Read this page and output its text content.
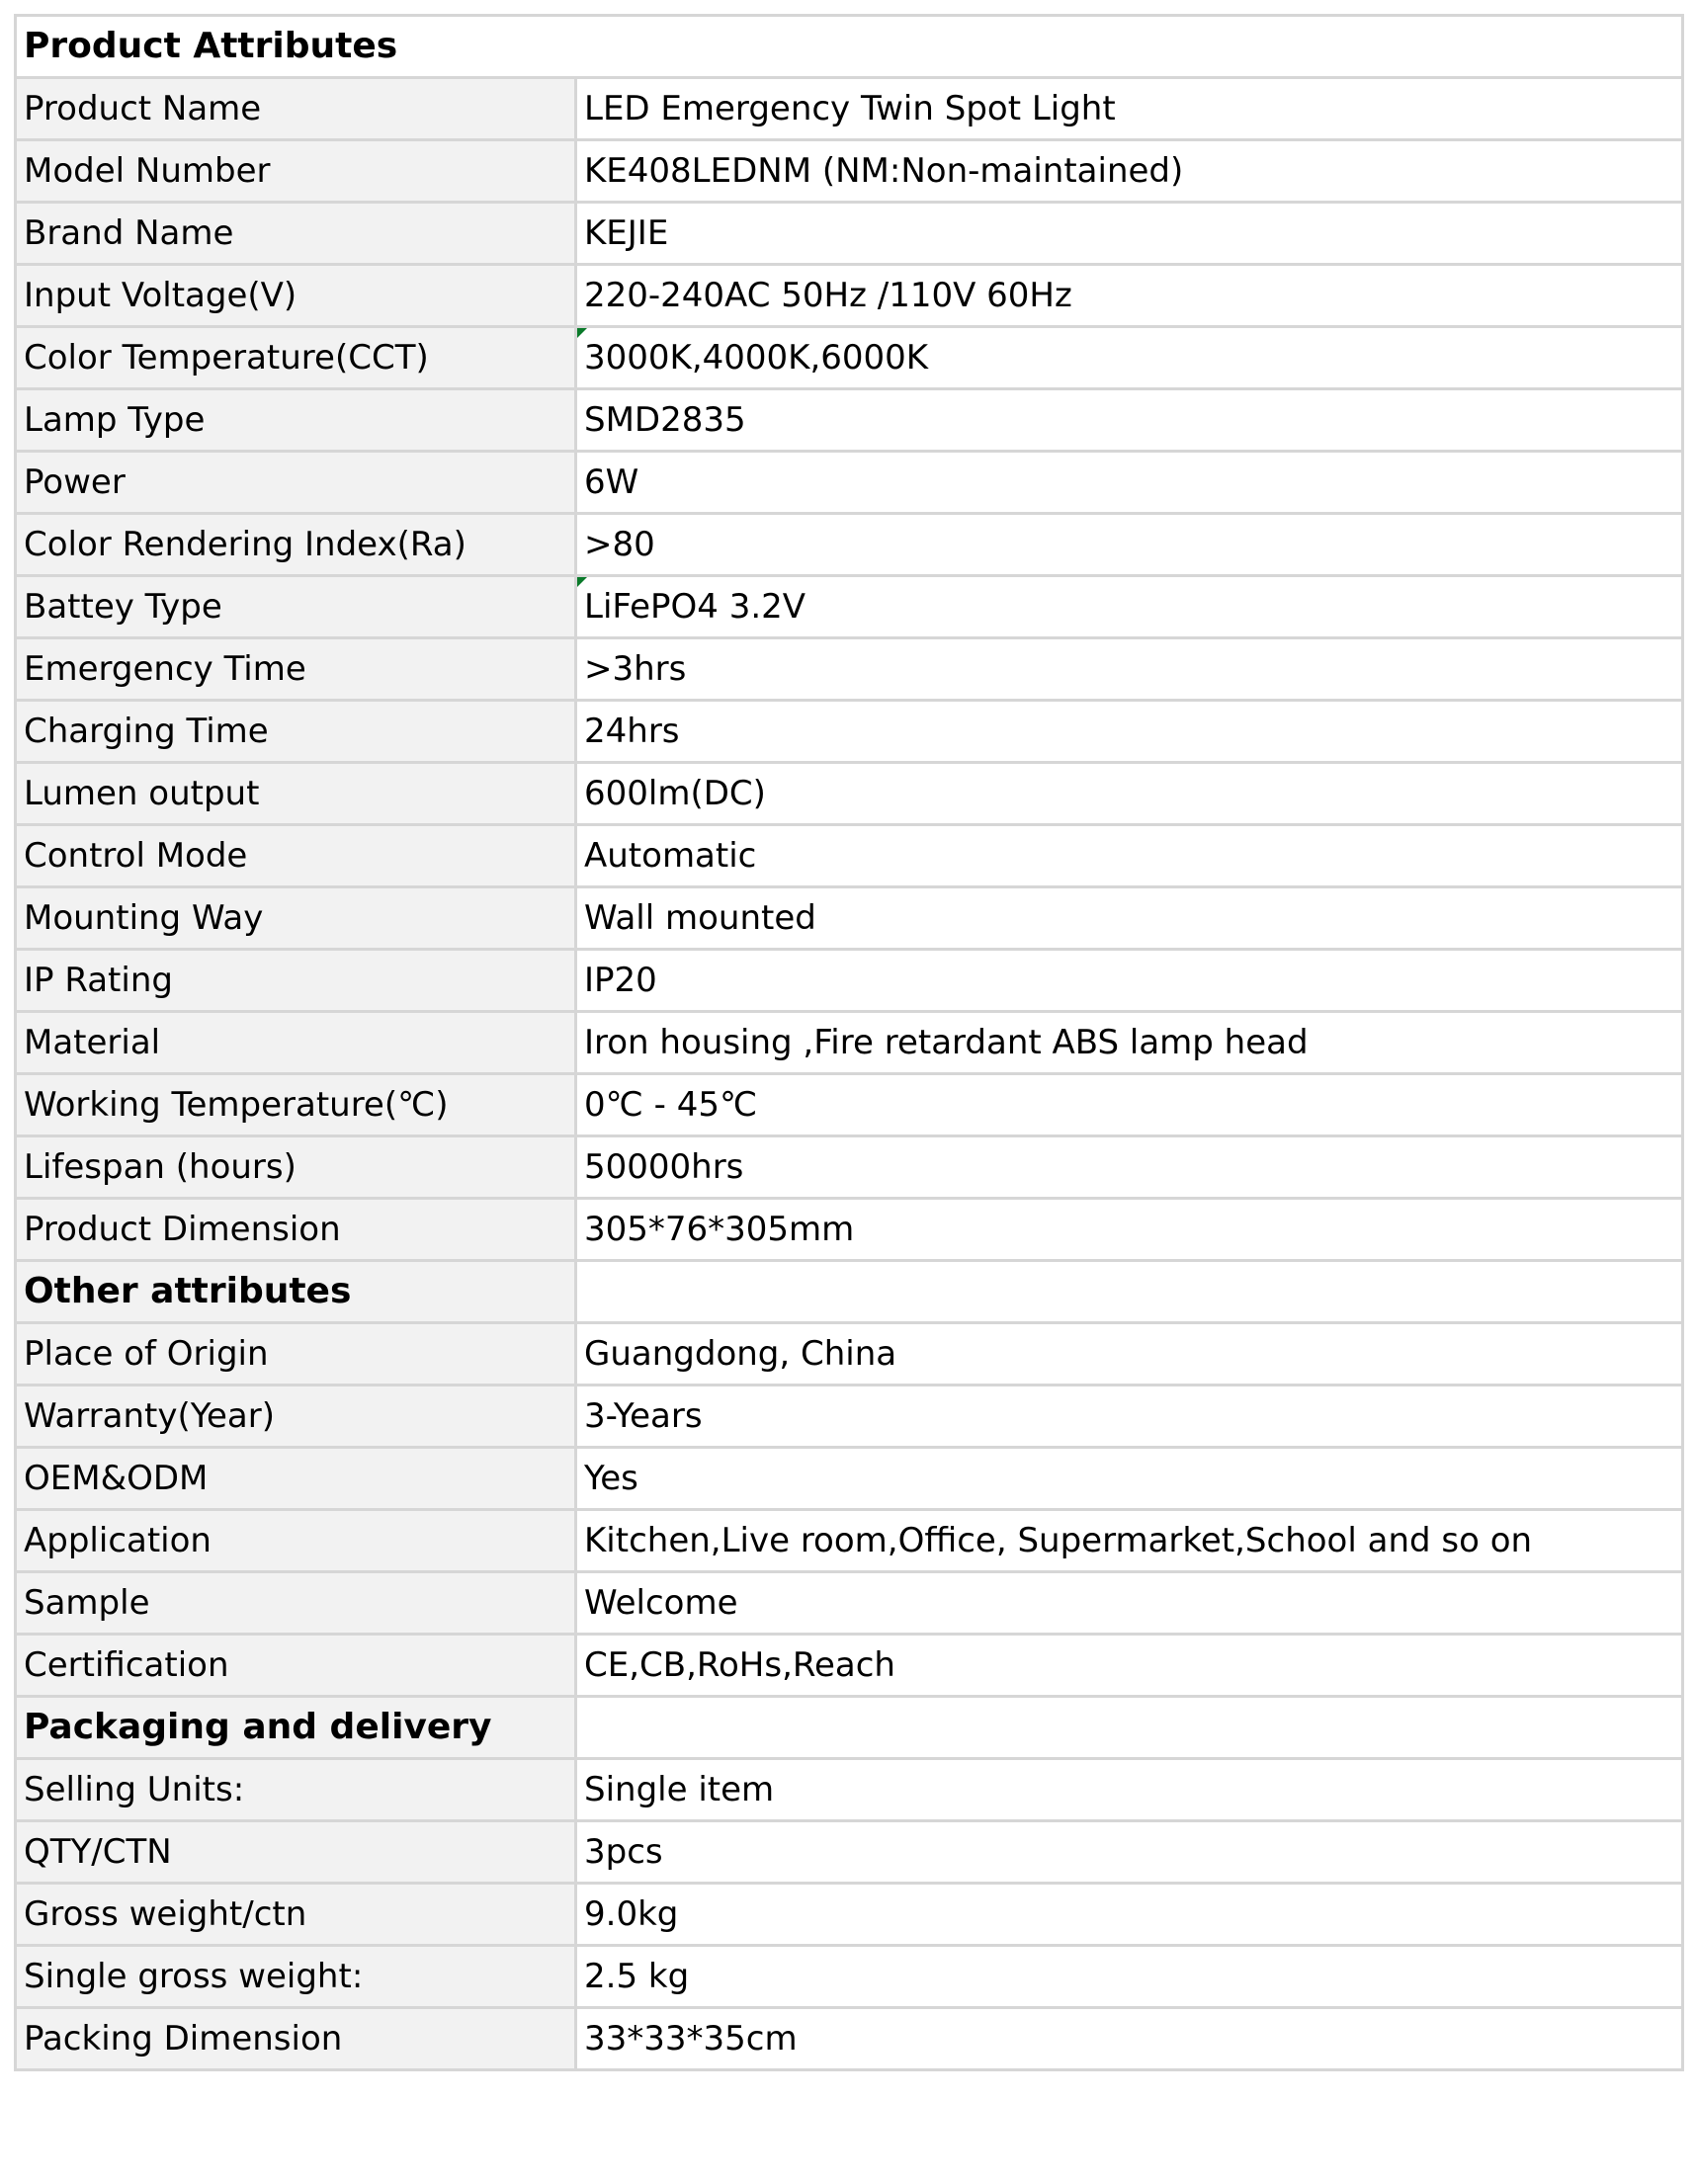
Product Attributes	
Product Name	LED Emergency Twin Spot Light
Model Number	KE408LEDNM (NM:Non-maintained)
Brand Name	KEJIE
Input Voltage(V)	220-240AC 50Hz /110V 60Hz
Color Temperature(CCT)	3000K,4000K,6000K
Lamp Type	SMD2835
Power	6W
Color Rendering Index(Ra)	>80
Battey Type	LiFePO4 3.2V
Emergency Time	>3hrs
Charging Time	24hrs
Lumen output	600lm(DC)
Control Mode	Automatic
Mounting Way	Wall mounted
IP Rating	IP20
Material	Iron housing ,Fire retardant ABS lamp head
Working Temperature(℃)	0℃ - 45℃
Lifespan (hours)	50000hrs
Product Dimension	305*76*305mm
Other attributes	
Place of Origin	Guangdong, China
Warranty(Year)	3-Years
OEM&ODM	Yes
Application	Kitchen,Live room,Office, Supermarket,School and so on
Sample	Welcome
Certification	CE,CB,RoHs,Reach
Packaging and delivery	
Selling Units:	Single item
QTY/CTN	3pcs
Gross weight/ctn	9.0kg
Single gross weight:	2.5 kg
Packing Dimension	33*33*35cm
